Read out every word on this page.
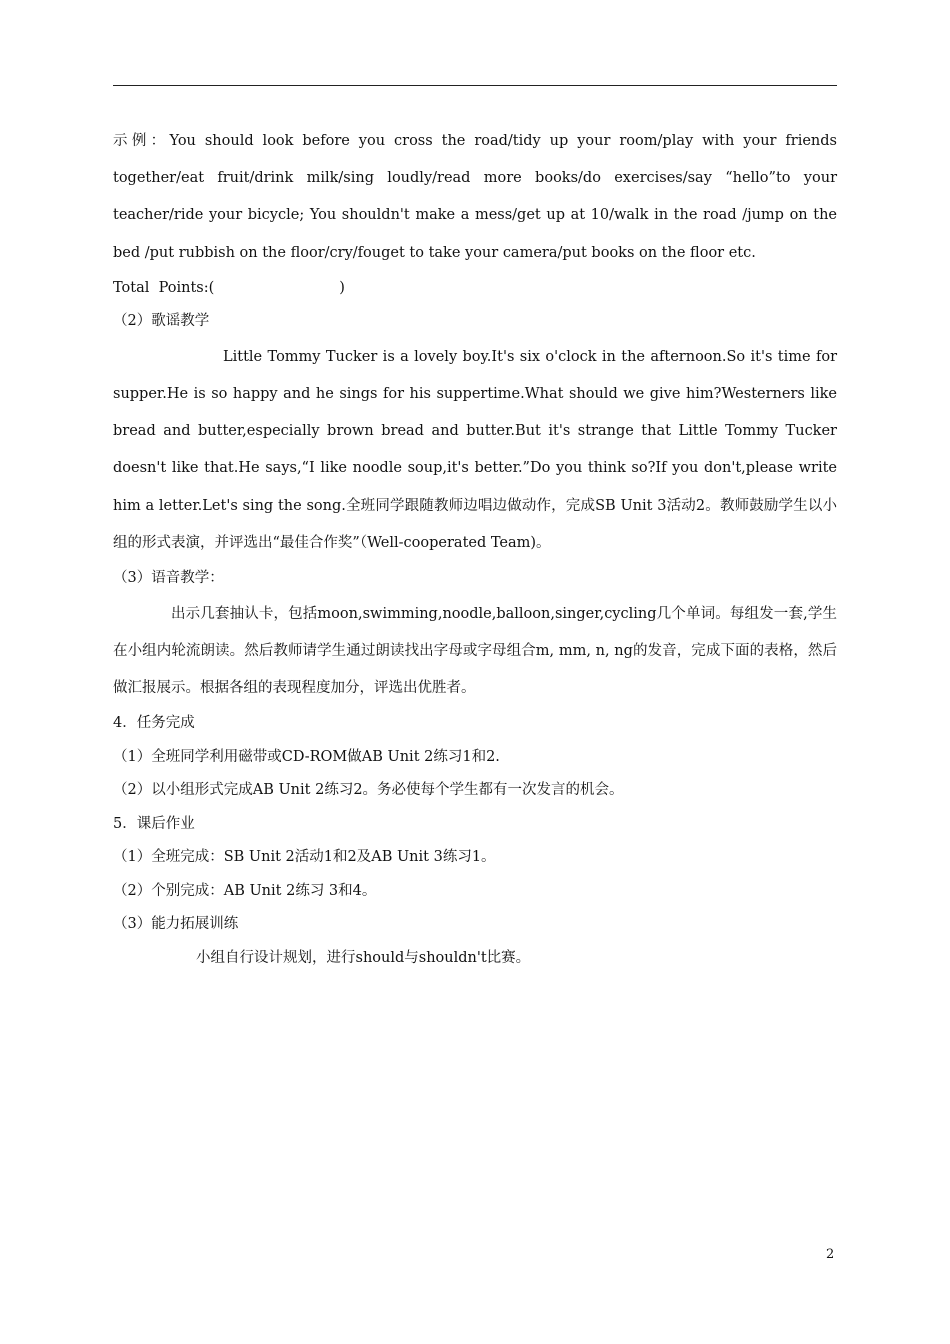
示例：You should look before you cross the road/tidy up your room/play with your friends together/eat fruit/drink milk/sing loudly/read more books/do exercises/say “hello”to your teacher/ride your bicycle; You shouldn't make a mess/get up at 10/walk in the road /jump on the bed /put rubbish on the floor/cry/fouget to take your camera/put books on the floor etc.

Total  Points:(	)

（2）歌谣教学

Little Tommy Tucker is a lovely boy.It's six o'clock in the afternoon.So it's time for supper.He is so happy and he sings for his suppertime.What should we give him?Westerners like bread and butter,especially brown bread and butter.But it's strange that Little Tommy Tucker doesn't like that.He says,“I like noodle soup,it's better.”Do you think so?If you don't,please write him a letter.Let's sing the song.全班同学跟随教师边唱边做动作，完成SB Unit 3活动2。教师鼓励学生以小组的形式表演，并评选出“最佳合作奖”（Well-cooperated Team)。

（3）语音教学：

出示几套抽认卡，包括moon,swimming,noodle,balloon,singer,cycling几个单词。每组发一套,学生在小组内轮流朗读。然后教师请学生通过朗读找出字母或字母组合m, mm, n, ng的发音，完成下面的表格，然后做汇报展示。根据各组的表现程度加分，评选出优胜者。

4．任务完成

（1）全班同学利用磁带或CD-ROM做AB Unit 2练习1和2.

（2）以小组形式完成AB Unit 2练习2。务必使每个学生都有一次发言的机会。

5．课后作业

（1）全班完成：SB Unit 2活动1和2及AB Unit 3练习1。

（2）个别完成：AB Unit 2练习 3和4。

（3）能力拓展训练

小组自行设计规划，进行should与shouldn't比赛。

2
